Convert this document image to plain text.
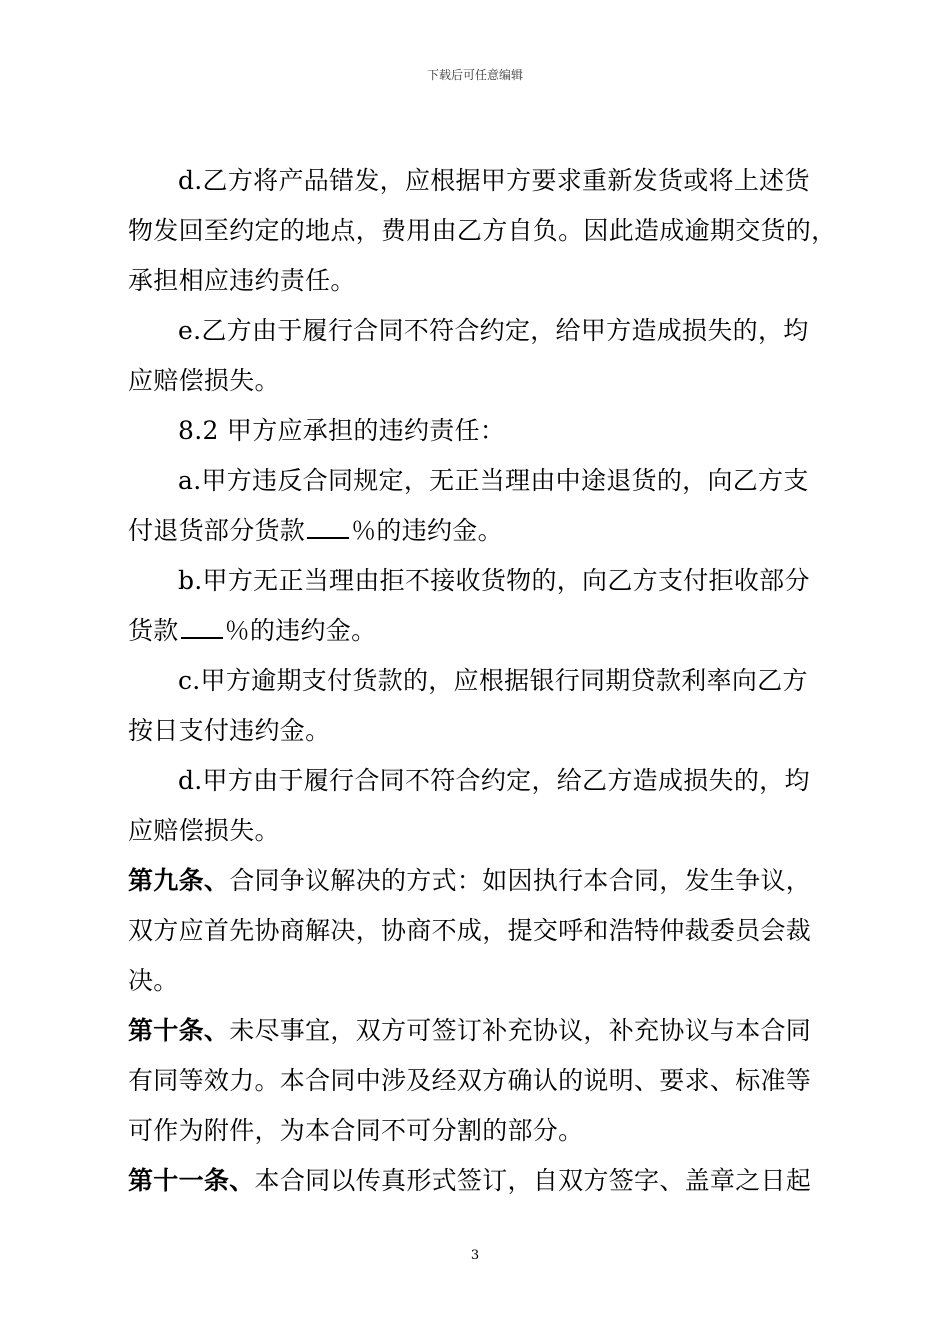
下载后可任意编辑
d.乙方将产品错发，应根据甲方要求重新发货或将上述货
物发回至约定的地点，费用由乙方自负。因此造成逾期交货的，
承担相应违约责任。
e.乙方由于履行合同不符合约定，给甲方造成损失的，均
应赔偿损失。
8.2 甲方应承担的违约责任：
a.甲方违反合同规定，无正当理由中途退货的，向乙方支
付退货部分货款 ％的违约金。
b.甲方无正当理由拒不接收货物的，向乙方支付拒收部分
货款 ％的违约金。
c.甲方逾期支付货款的，应根据银行同期贷款利率向乙方
按日支付违约金。
d.甲方由于履行合同不符合约定，给乙方造成损失的，均
应赔偿损失。
第九条、合同争议解决的方式：如因执行本合同，发生争议，
双方应首先协商解决，协商不成，提交呼和浩特仲裁委员会裁
决。
第十条、未尽事宜，双方可签订补充协议，补充协议与本合同
有同等效力。本合同中涉及经双方确认的说明、要求、标准等
可作为附件，为本合同不可分割的部分。
第十一条、本合同以传真形式签订，自双方签字、盖章之日起
3
